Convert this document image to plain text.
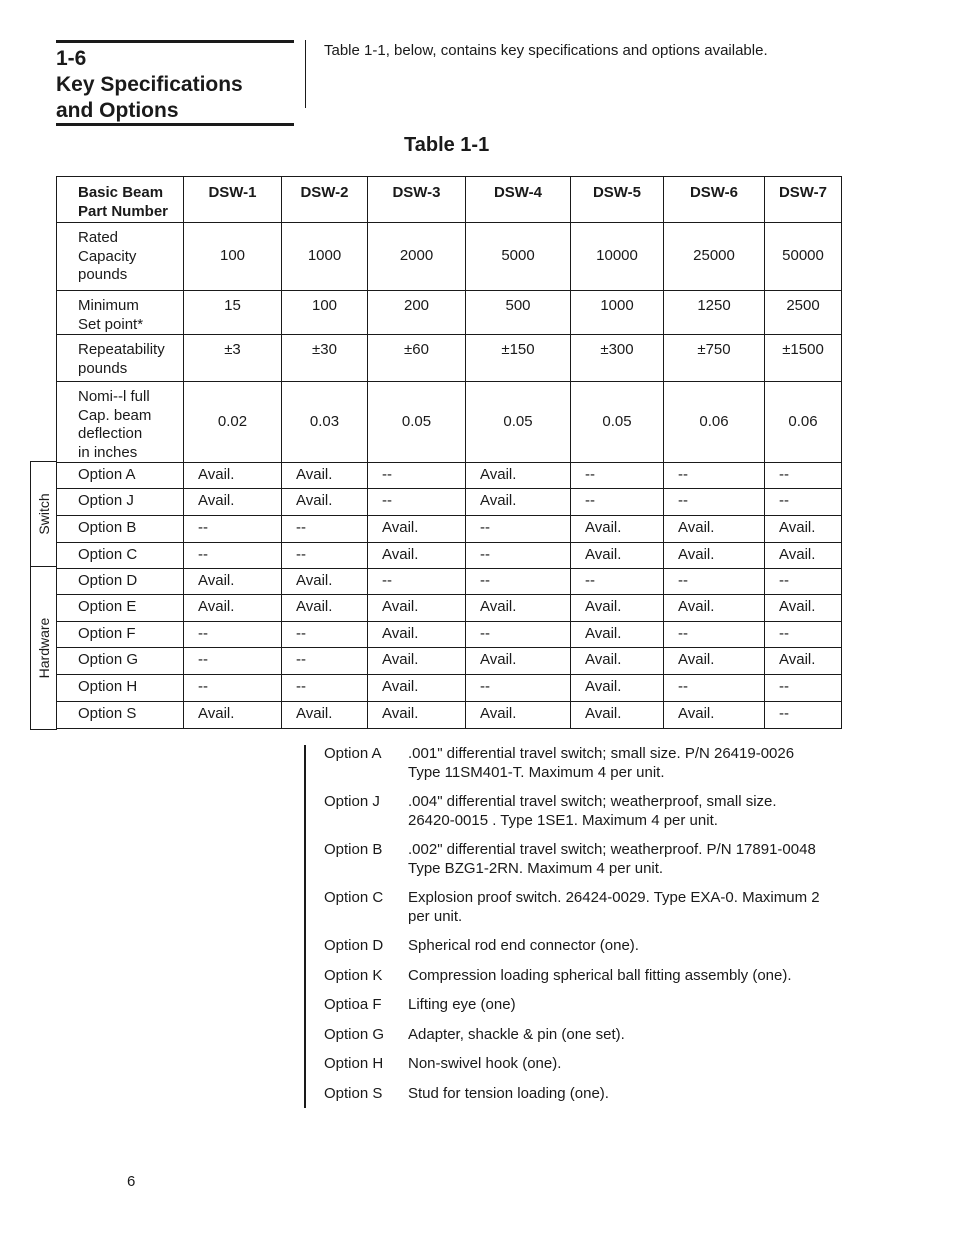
1-6
Key Specifications
and Options
Table 1-1, below, contains key specifications and options available.
Table 1-1
Basic Beam
Part Number	DSW-1	DSW-2	DSW-3	DSW-4	DSW-5	DSW-6	DSW-7

Rated
Capacity
pounds	100	1000	2000	5000	10000	25000	50000

Minimum
Set point*	15	100	200	500	1000	1250	2500

Repeatability
pounds	±3	±30	±60	±150	±300	±750	±1500

Nomi--l full
Cap. beam
deflection
in inches	0.02	0.03	0.05	0.05	0.05	0.06	0.06
Option A	Avail.	Avail.	--	Avail.	--	--	--
Option J	Avail.	Avail.	--	Avail.	--	--	--
Option B	--	--	Avail.	--	Avail.	Avail.	Avail.
Option C	--	--	Avail.	--	Avail.	Avail.	Avail.
Option D	Avail.	Avail.	--	--	--	--	--
Option E	Avail.	Avail.	Avail.	Avail.	Avail.	Avail.	Avail.
Option F	--	--	Avail.	--	Avail.	--	--
Option G	--	--	Avail.	Avail.	Avail.	Avail.	Avail.
Option H	--	--	Avail.	--	Avail.	--	--
Option S	Avail.	Avail.	Avail.	Avail.	Avail.	Avail.	--
Switch
Hardware
Option A	.001" differential travel switch; small size. P/N 26419-0026
Type 11SM401-T. Maximum 4 per unit.
Option J	.004" differential travel switch; weatherproof, small size.
26420-0015 . Type 1SE1. Maximum 4 per unit.
Option B	.002" differential travel switch; weatherproof. P/N 17891-0048
Type BZG1-2RN. Maximum 4 per unit.
Option C	Explosion proof switch. 26424-0029. Type EXA-0. Maximum 2
per unit.
Option D	Spherical rod end connector (one).
Option K	Compression loading spherical ball fitting assembly (one).
Optioa F	Lifting eye (one)
Option G	Adapter, shackle & pin (one set).
Option H	Non-swivel hook (one).
Option S	Stud for tension loading (one).
6
